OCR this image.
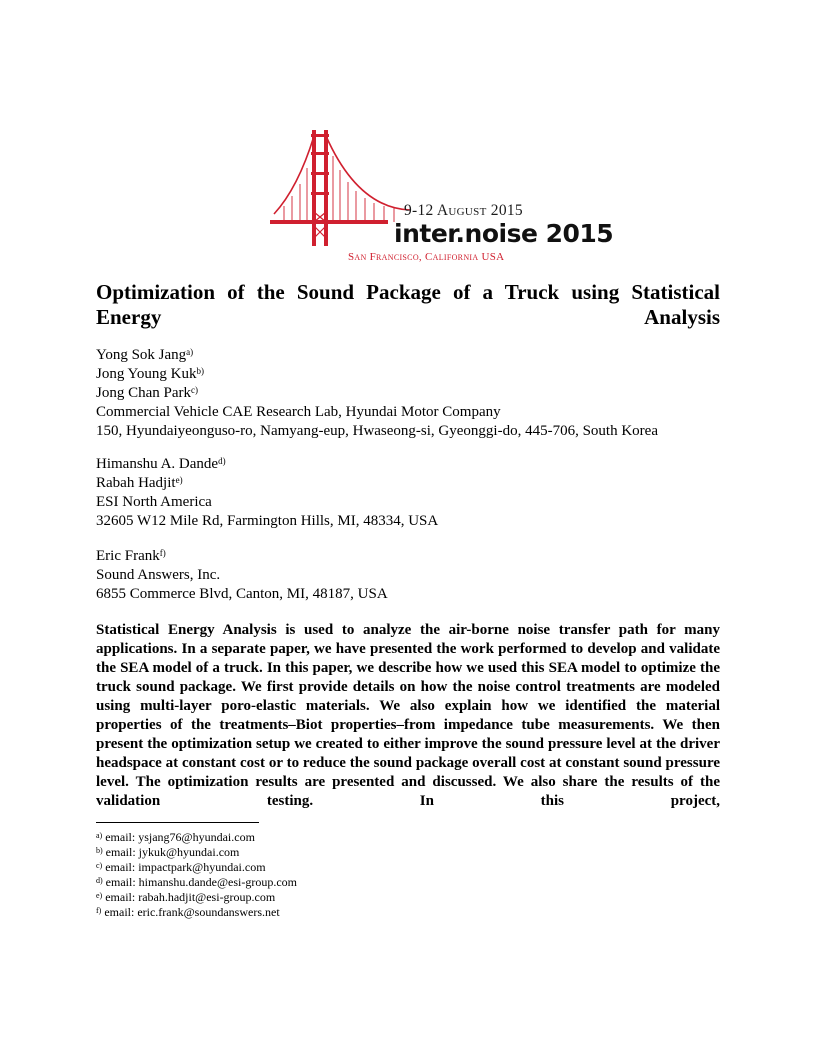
9-12 August 2015
inter.noise 2015
San Francisco, California USA
Optimization of the Sound Package of a Truck using Statistical Energy Analysis
Yong Sok Jang$^{a)}$
Jong Young Kuk$^{b)}$
Jong Chan Park$^{c)}$
Commercial Vehicle CAE Research Lab, Hyundai Motor Company
150, Hyundaiyeonguso-ro, Namyang-eup, Hwaseong-si, Gyeonggi-do, 445-706, South Korea
Himanshu A. Dande$^{d)}$
Rabah Hadjit$^{e)}$
ESI North America
32605 W12 Mile Rd, Farmington Hills, MI, 48334, USA
Eric Frank$^{f)}$
Sound Answers, Inc.
6855 Commerce Blvd, Canton, MI, 48187, USA

Statistical Energy Analysis is used to analyze the air-borne noise transfer path for many applications. In a separate paper, we have presented the work performed to develop and validate the SEA model of a truck. In this paper, we describe how we used this SEA model to optimize the truck sound package. We first provide details on how the noise control treatments are modeled using multi-layer poro-elastic materials. We also explain how we identified the material properties of the treatments–Biot properties–from impedance tube measurements. We then present the optimization setup we created to either improve the sound pressure level at the driver headspace at constant cost or to reduce the sound package overall cost at constant sound pressure level. The optimization results are presented and discussed. We also share the results of the validation testing. In this project,

$^{a)}$ email: ysjang76@hyundai.com
$^{b)}$ email: jykuk@hyundai.com
$^{c)}$ email: impactpark@hyundai.com
$^{d)}$ email: himanshu.dande@esi-group.com
$^{e)}$ email: rabah.hadjit@esi-group.com
$^{f)}$ email: eric.frank@soundanswers.net
